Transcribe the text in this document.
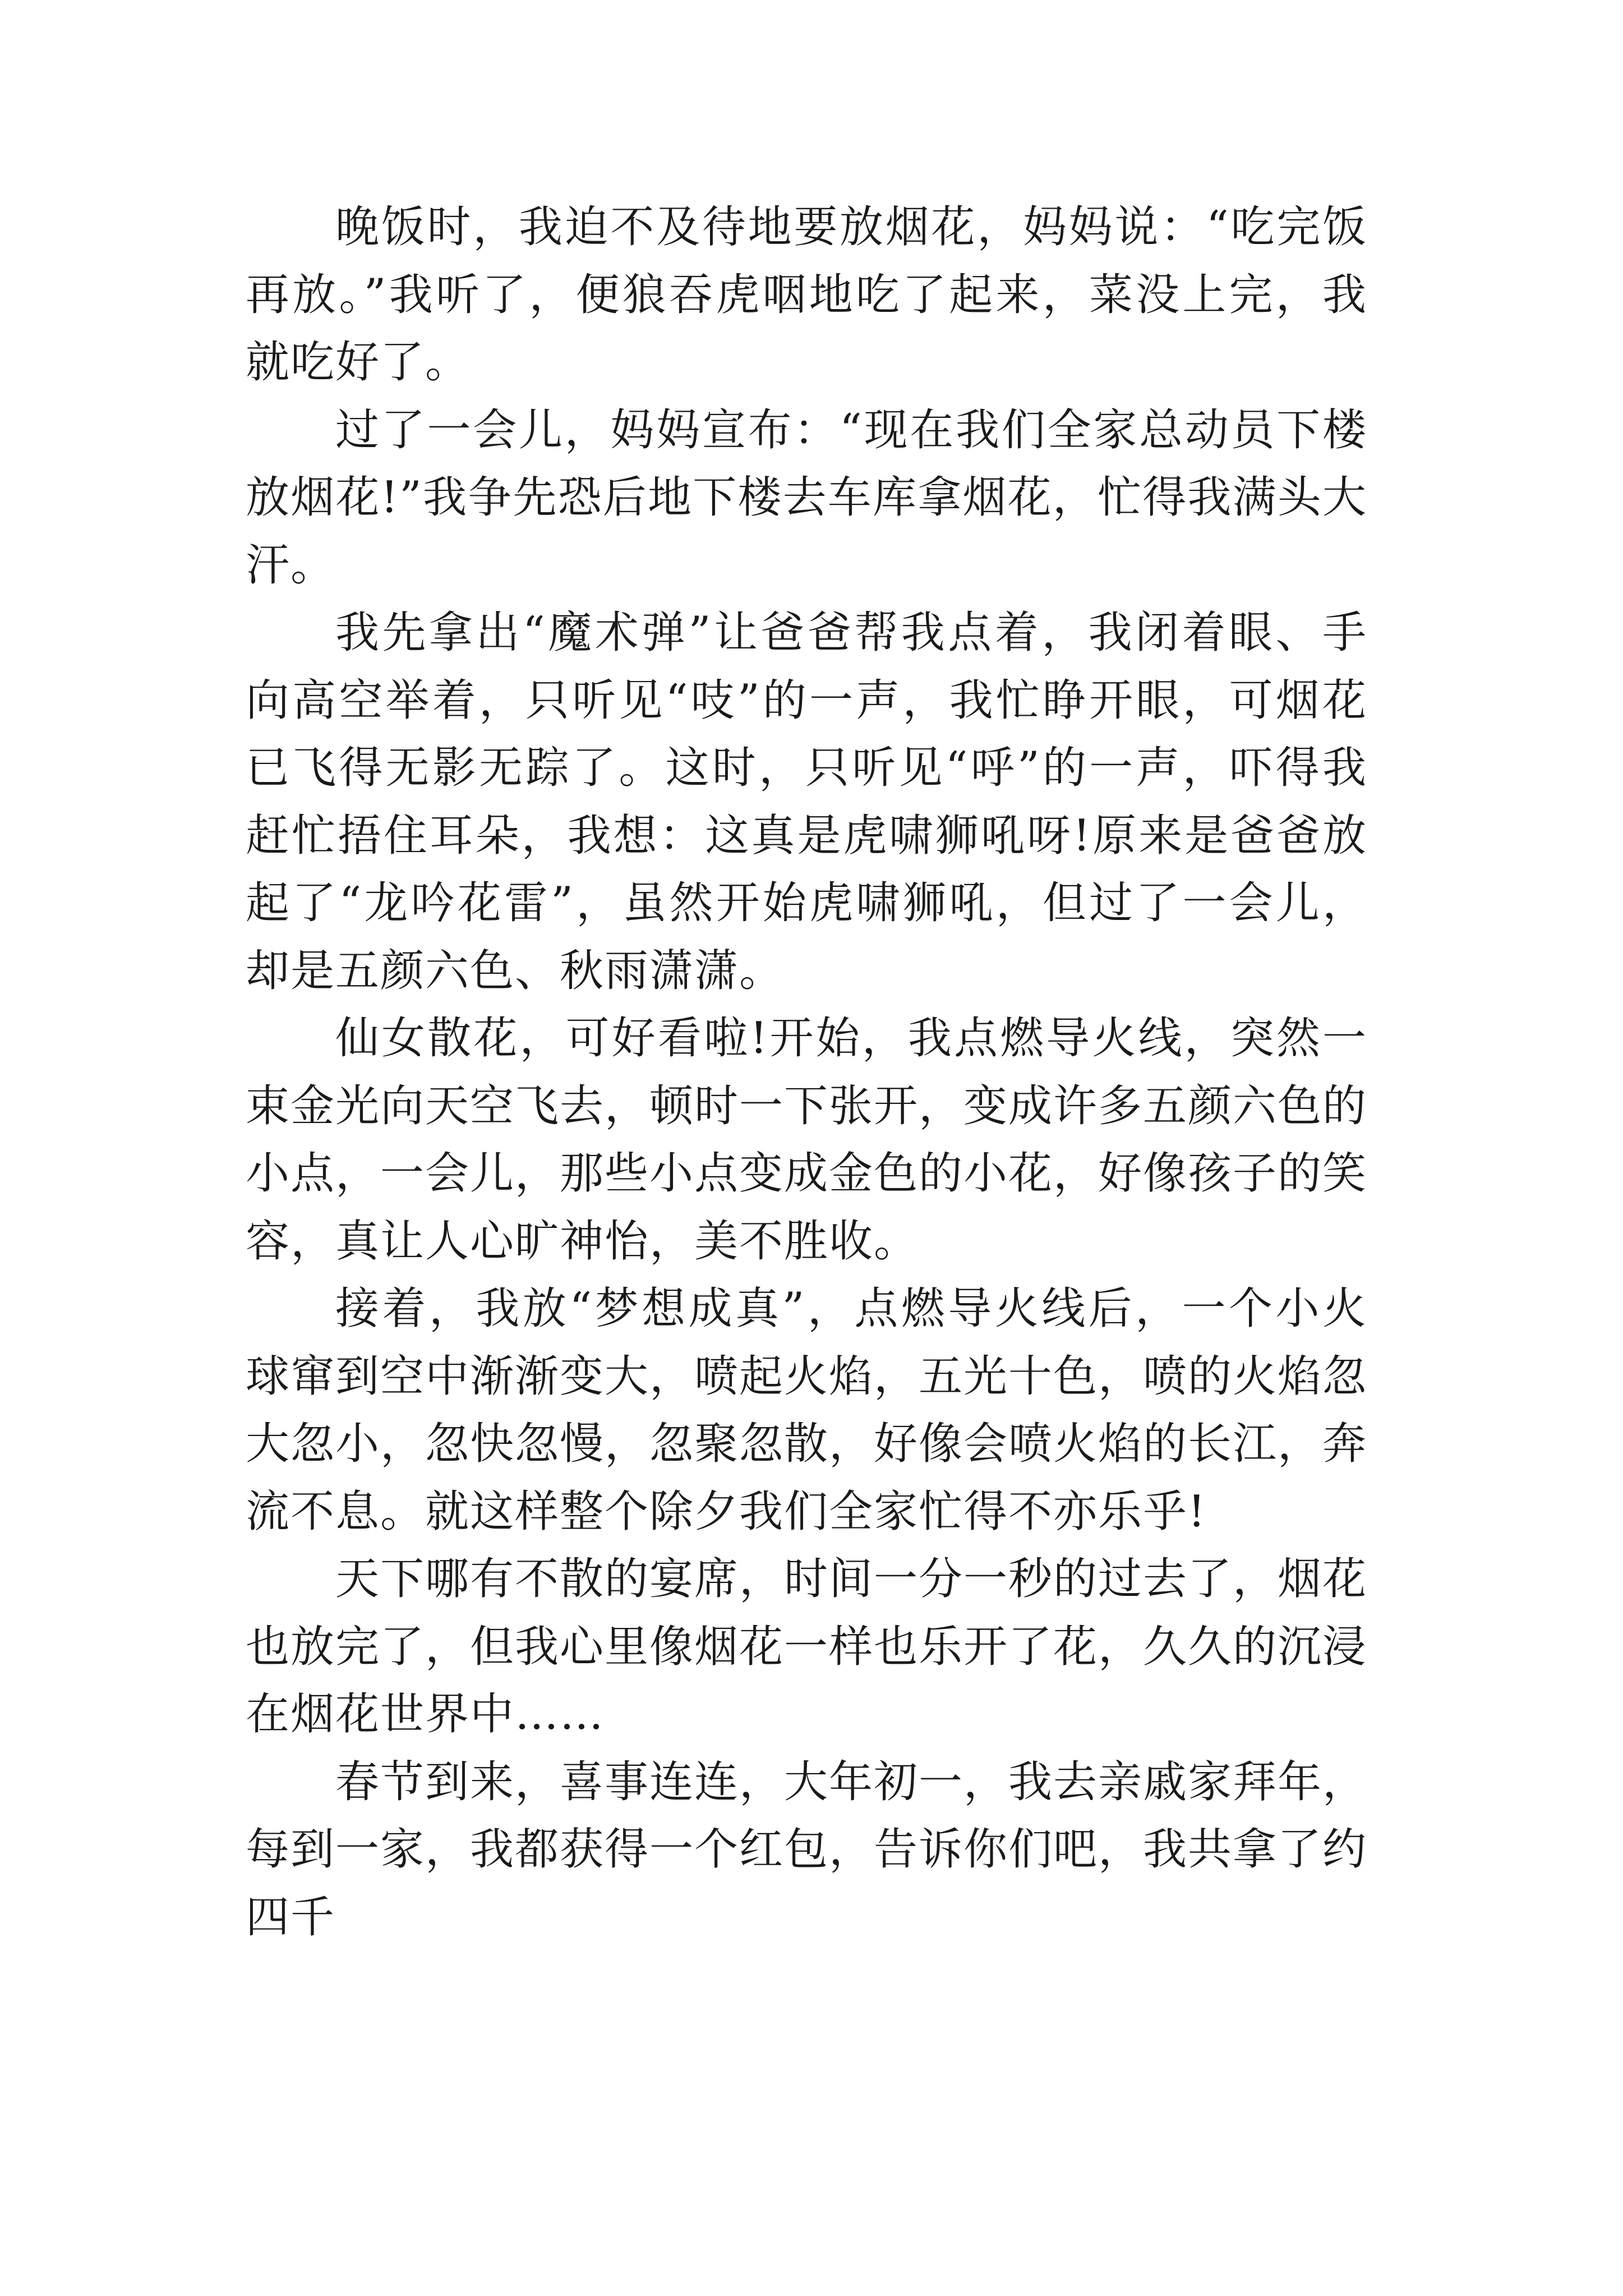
晚饭时，我迫不及待地要放烟花，妈妈说：“吃完饭再放。”我听了，便狼吞虎咽地吃了起来，菜没上完，我就吃好了。

过了一会儿，妈妈宣布：“现在我们全家总动员下楼放烟花!”我争先恐后地下楼去车库拿烟花，忙得我满头大汗。

我先拿出“魔术弹”让爸爸帮我点着，我闭着眼、手向高空举着，只听见“吱”的一声，我忙睁开眼，可烟花已飞得无影无踪了。这时，只听见“呼”的一声，吓得我赶忙捂住耳朵，我想：这真是虎啸狮吼呀!原来是爸爸放起了“龙吟花雷”，虽然开始虎啸狮吼，但过了一会儿，却是五颜六色、秋雨潇潇。

仙女散花，可好看啦!开始，我点燃导火线，突然一束金光向天空飞去，顿时一下张开，变成许多五颜六色的小点，一会儿，那些小点变成金色的小花，好像孩子的笑容，真让人心旷神怡，美不胜收。

接着，我放“梦想成真”，点燃导火线后，一个小火球窜到空中渐渐变大，喷起火焰，五光十色，喷的火焰忽大忽小，忽快忽慢，忽聚忽散，好像会喷火焰的长江，奔流不息。就这样整个除夕我们全家忙得不亦乐乎!

天下哪有不散的宴席，时间一分一秒的过去了，烟花也放完了，但我心里像烟花一样也乐开了花，久久的沉浸在烟花世界中……

春节到来，喜事连连，大年初一，我去亲戚家拜年，每到一家，我都获得一个红包，告诉你们吧，我共拿了约四千
